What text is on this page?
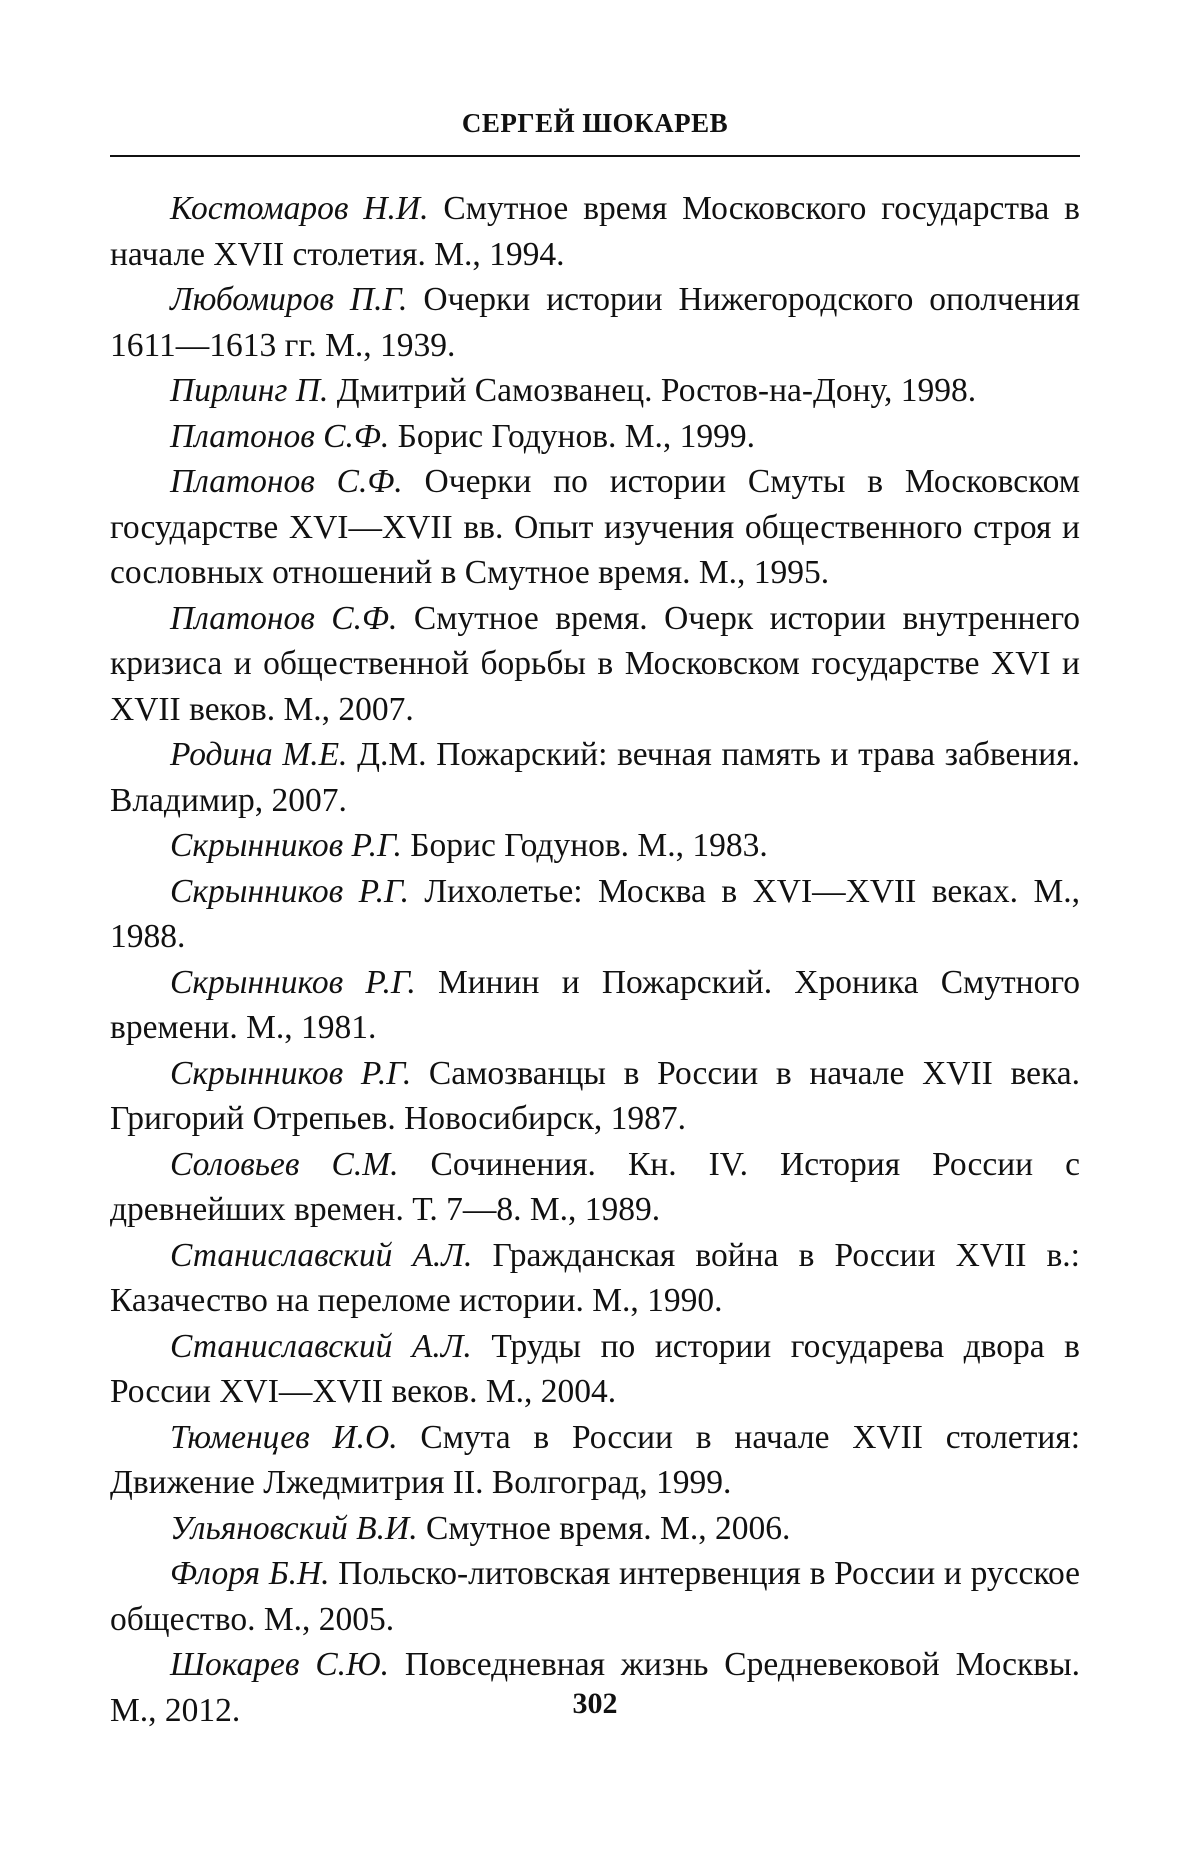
СЕРГЕЙ ШОКАРЕВ
Костомаров Н.И. Смутное время Московского государства в начале XVII столетия. М., 1994.
Любомиров П.Г. Очерки истории Нижегородского ополчения 1611—1613 гг. М., 1939.
Пирлинг П. Дмитрий Самозванец. Ростов-на-Дону, 1998.
Платонов С.Ф. Борис Годунов. М., 1999.
Платонов С.Ф. Очерки по истории Смуты в Московском государстве XVI—XVII вв. Опыт изучения общественного строя и сословных отношений в Смутное время. М., 1995.
Платонов С.Ф. Смутное время. Очерк истории внутреннего кризиса и общественной борьбы в Московском государстве XVI и XVII веков. М., 2007.
Родина М.Е. Д.М. Пожарский: вечная память и трава забвения. Владимир, 2007.
Скрынников Р.Г. Борис Годунов. М., 1983.
Скрынников Р.Г. Лихолетье: Москва в XVI—XVII веках. М., 1988.
Скрынников Р.Г. Минин и Пожарский. Хроника Смутного времени. М., 1981.
Скрынников Р.Г. Самозванцы в России в начале XVII века. Григорий Отрепьев. Новосибирск, 1987.
Соловьев С.М. Сочинения. Кн. IV. История России с древнейших времен. Т. 7—8. М., 1989.
Станиславский А.Л. Гражданская война в России XVII в.: Казачество на переломе истории. М., 1990.
Станиславский А.Л. Труды по истории государева двора в России XVI—XVII веков. М., 2004.
Тюменцев И.О. Смута в России в начале XVII столетия: Движение Лжедмитрия II. Волгоград, 1999.
Ульяновский В.И. Смутное время. М., 2006.
Флоря Б.Н. Польско-литовская интервенция в России и русское общество. М., 2005.
Шокарев С.Ю. Повседневная жизнь Средневековой Москвы. М., 2012.	302
